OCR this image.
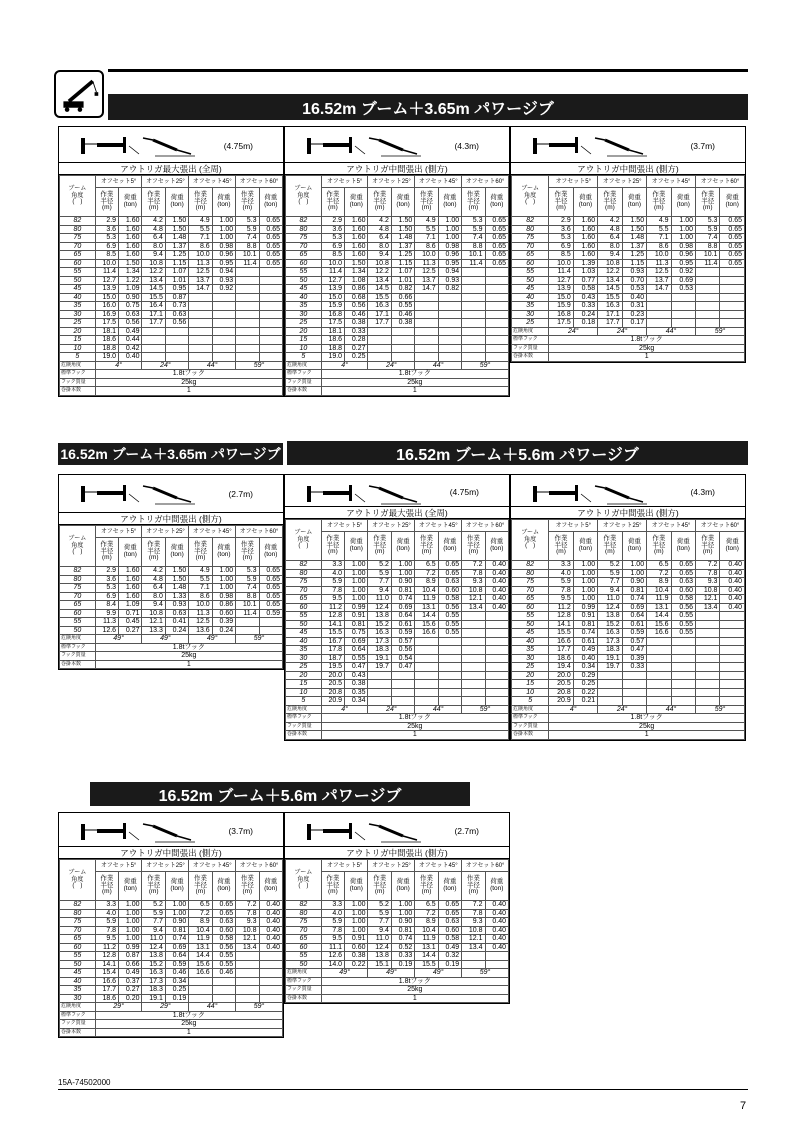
16.52m ブーム＋3.65m パワージブ
16.52m ブーム＋3.65m パワージブ	16.52m ブーム＋5.6m パワージブ
16.52m ブーム＋5.6m パワージブ
(4.75m)
アウトリガ最大張出 (全周)
ブーム
角度
(゜)	オフセット5°		オフセット25°		オフセット45°		オフセット60°	
	作業
半径
(m)	荷重
(ton)	作業
半径
(m)	荷重
(ton)	作業
半径
(m)	荷重
(ton)	作業
半径
(m)	荷重
(ton)
82	2.9	1.60	4.2	1.50	4.9	1.00	5.3	0.65
80	3.6	1.60	4.8	1.50	5.5	1.00	5.9	0.65
75	5.3	1.60	6.4	1.48	7.1	1.00	7.4	0.65
70	6.9	1.60	8.0	1.37	8.6	0.98	8.8	0.65
65	8.5	1.60	9.4	1.25	10.0	0.96	10.1	0.65
60	10.0	1.50	10.8	1.15	11.3	0.95	11.4	0.65
55	11.4	1.34	12.2	1.07	12.5	0.94		
50	12.7	1.22	13.4	1.01	13.7	0.93		
45	13.9	1.09	14.5	0.95	14.7	0.92		
40	15.0	0.90	15.5	0.87				
35	16.0	0.75	16.4	0.73				
30	16.9	0.63	17.1	0.63				
25	17.5	0.56	17.7	0.56				
20	18.1	0.49						
15	18.6	0.44						
10	18.8	0.42						
5	19.0	0.40						
危険角度	4°		24°		44°		59°	
標準フック	1.8tフック							
フック質量	25kg							
巻掛本数	1							
(4.3m)
アウトリガ中間張出 (側方)
ブーム
角度
(゜)	オフセット5°		オフセット25°		オフセット45°		オフセット60°	
	作業
半径
(m)	荷重
(ton)	作業
半径
(m)	荷重
(ton)	作業
半径
(m)	荷重
(ton)	作業
半径
(m)	荷重
(ton)
82	2.9	1.60	4.2	1.50	4.9	1.00	5.3	0.65
80	3.6	1.60	4.8	1.50	5.5	1.00	5.9	0.65
75	5.3	1.60	6.4	1.48	7.1	1.00	7.4	0.65
70	6.9	1.60	8.0	1.37	8.6	0.98	8.8	0.65
65	8.5	1.60	9.4	1.25	10.0	0.96	10.1	0.65
60	10.0	1.50	10.8	1.15	11.3	0.95	11.4	0.65
55	11.4	1.34	12.2	1.07	12.5	0.94		
50	12.7	1.08	13.4	1.01	13.7	0.93		
45	13.9	0.86	14.5	0.82	14.7	0.82		
40	15.0	0.68	15.5	0.66				
35	15.9	0.56	16.3	0.55				
30	16.8	0.46	17.1	0.46				
25	17.5	0.38	17.7	0.38				
20	18.1	0.33						
15	18.6	0.28						
10	18.8	0.27						
5	19.0	0.25						
危険角度	4°		24°		44°		59°	
標準フック	1.8tフック							
フック質量	25kg							
巻掛本数	1							
(3.7m)
アウトリガ中間張出 (側方)
ブーム
角度
(゜)	オフセット5°		オフセット25°		オフセット45°		オフセット60°	
	作業
半径
(m)	荷重
(ton)	作業
半径
(m)	荷重
(ton)	作業
半径
(m)	荷重
(ton)	作業
半径
(m)	荷重
(ton)
82	2.9	1.60	4.2	1.50	4.9	1.00	5.3	0.65
80	3.6	1.60	4.8	1.50	5.5	1.00	5.9	0.65
75	5.3	1.60	6.4	1.48	7.1	1.00	7.4	0.65
70	6.9	1.60	8.0	1.37	8.6	0.98	8.8	0.65
65	8.5	1.60	9.4	1.25	10.0	0.96	10.1	0.65
60	10.0	1.39	10.8	1.15	11.3	0.95	11.4	0.65
55	11.4	1.03	12.2	0.93	12.5	0.92		
50	12.7	0.77	13.4	0.70	13.7	0.69		
45	13.9	0.58	14.5	0.53	14.7	0.53		
40	15.0	0.43	15.5	0.40				
35	15.9	0.33	16.3	0.31				
30	16.8	0.24	17.1	0.23				
25	17.5	0.18	17.7	0.17				
危険角度	24°		24°		44°		59°	
標準フック	1.8tフック							
フック質量	25kg							
巻掛本数	1							
(2.7m)
アウトリガ中間張出 (側方)
ブーム
角度
(゜)	オフセット5°		オフセット25°		オフセット45°		オフセット60°	
	作業
半径
(m)	荷重
(ton)	作業
半径
(m)	荷重
(ton)	作業
半径
(m)	荷重
(ton)	作業
半径
(m)	荷重
(ton)
82	2.9	1.60	4.2	1.50	4.9	1.00	5.3	0.65
80	3.6	1.60	4.8	1.50	5.5	1.00	5.9	0.65
75	5.3	1.60	6.4	1.48	7.1	1.00	7.4	0.65
70	6.9	1.60	8.0	1.33	8.6	0.98	8.8	0.65
65	8.4	1.09	9.4	0.93	10.0	0.86	10.1	0.65
60	9.9	0.71	10.8	0.63	11.3	0.60	11.4	0.59
55	11.3	0.45	12.1	0.41	12.5	0.39		
50	12.6	0.27	13.3	0.24	13.6	0.24		
危険角度	49°		49°		49°		59°	
標準フック	1.8tフック							
フック質量	25kg							
巻掛本数	1							
(4.75m)
アウトリガ最大張出 (全周)
ブーム
角度
(゜)	オフセット5°		オフセット25°		オフセット45°		オフセット60°	
	作業
半径
(m)	荷重
(ton)	作業
半径
(m)	荷重
(ton)	作業
半径
(m)	荷重
(ton)	作業
半径
(m)	荷重
(ton)
82	3.3	1.00	5.2	1.00	6.5	0.65	7.2	0.40
80	4.0	1.00	5.9	1.00	7.2	0.65	7.8	0.40
75	5.9	1.00	7.7	0.90	8.9	0.63	9.3	0.40
70	7.8	1.00	9.4	0.81	10.4	0.60	10.8	0.40
65	9.5	1.00	11.0	0.74	11.9	0.58	12.1	0.40
60	11.2	0.99	12.4	0.69	13.1	0.56	13.4	0.40
55	12.8	0.91	13.8	0.64	14.4	0.55		
50	14.1	0.81	15.2	0.61	15.6	0.55		
45	15.5	0.75	16.3	0.59	16.6	0.55		
40	16.7	0.69	17.3	0.57				
35	17.8	0.64	18.3	0.56				
30	18.7	0.55	19.1	0.54				
25	19.5	0.47	19.7	0.47				
20	20.0	0.43						
15	20.5	0.38						
10	20.8	0.35						
5	20.9	0.34						
危険角度	4°		24°		44°		59°	
標準フック	1.8tフック							
フック質量	25kg							
巻掛本数	1							
(4.3m)
アウトリガ中間張出 (側方)
ブーム
角度
(゜)	オフセット5°		オフセット25°		オフセット45°		オフセット60°	
	作業
半径
(m)	荷重
(ton)	作業
半径
(m)	荷重
(ton)	作業
半径
(m)	荷重
(ton)	作業
半径
(m)	荷重
(ton)
82	3.3	1.00	5.2	1.00	6.5	0.65	7.2	0.40
80	4.0	1.00	5.9	1.00	7.2	0.65	7.8	0.40
75	5.9	1.00	7.7	0.90	8.9	0.63	9.3	0.40
70	7.8	1.00	9.4	0.81	10.4	0.60	10.8	0.40
65	9.5	1.00	11.0	0.74	11.9	0.58	12.1	0.40
60	11.2	0.99	12.4	0.69	13.1	0.56	13.4	0.40
55	12.8	0.91	13.8	0.64	14.4	0.55		
50	14.1	0.81	15.2	0.61	15.6	0.55		
45	15.5	0.74	16.3	0.59	16.6	0.55		
40	16.6	0.61	17.3	0.57				
35	17.7	0.49	18.3	0.47				
30	18.6	0.40	19.1	0.39				
25	19.4	0.34	19.7	0.33				
20	20.0	0.29						
15	20.5	0.25						
10	20.8	0.22						
5	20.9	0.21						
危険角度	4°		24°		44°		59°	
標準フック	1.8tフック							
フック質量	25kg							
巻掛本数	1							
(3.7m)
アウトリガ中間張出 (側方)
ブーム
角度
(゜)	オフセット5°		オフセット25°		オフセット45°		オフセット60°	
	作業
半径
(m)	荷重
(ton)	作業
半径
(m)	荷重
(ton)	作業
半径
(m)	荷重
(ton)	作業
半径
(m)	荷重
(ton)
82	3.3	1.00	5.2	1.00	6.5	0.65	7.2	0.40
80	4.0	1.00	5.9	1.00	7.2	0.65	7.8	0.40
75	5.9	1.00	7.7	0.90	8.9	0.63	9.3	0.40
70	7.8	1.00	9.4	0.81	10.4	0.60	10.8	0.40
65	9.5	1.00	11.0	0.74	11.9	0.58	12.1	0.40
60	11.2	0.99	12.4	0.69	13.1	0.56	13.4	0.40
55	12.8	0.87	13.8	0.64	14.4	0.55		
50	14.1	0.66	15.2	0.59	15.6	0.55		
45	15.4	0.49	16.3	0.46	16.6	0.46		
40	16.6	0.37	17.3	0.34				
35	17.7	0.27	18.3	0.25				
30	18.6	0.20	19.1	0.19				
危険角度	29°		29°		44°		59°	
標準フック	1.8tフック							
フック質量	25kg							
巻掛本数	1							
(2.7m)
アウトリガ中間張出 (側方)
ブーム
角度
(゜)	オフセット5°		オフセット25°		オフセット45°		オフセット60°	
	作業
半径
(m)	荷重
(ton)	作業
半径
(m)	荷重
(ton)	作業
半径
(m)	荷重
(ton)	作業
半径
(m)	荷重
(ton)
82	3.3	1.00	5.2	1.00	6.5	0.65	7.2	0.40
80	4.0	1.00	5.9	1.00	7.2	0.65	7.8	0.40
75	5.9	1.00	7.7	0.90	8.9	0.63	9.3	0.40
70	7.8	1.00	9.4	0.81	10.4	0.60	10.8	0.40
65	9.5	0.91	11.0	0.74	11.9	0.58	12.1	0.40
60	11.1	0.60	12.4	0.52	13.1	0.49	13.4	0.40
55	12.6	0.38	13.8	0.33	14.4	0.32		
50	14.0	0.22	15.1	0.19	15.5	0.19		
危険角度	49°		49°		49°		59°	
標準フック	1.8tフック							
フック質量	25kg							
巻掛本数	1							
15A-74502000
7
